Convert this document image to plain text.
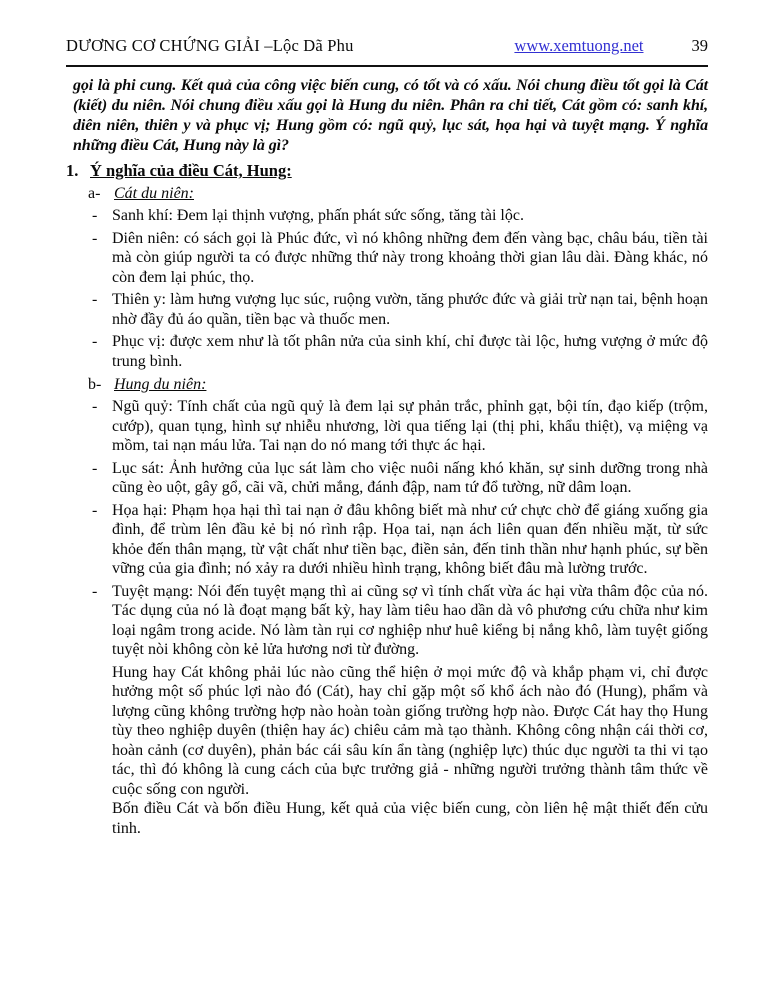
DƯƠNG CƠ CHỨNG GIẢI –Lộc Dã Phu	www.xemtuong.net	39

gọi là phi cung. Kết quả của công việc biến cung, có tốt và có xấu. Nói chung điều tốt gọi là Cát (kiết) du niên. Nói chung điều xấu gọi là Hung du niên. Phân ra chi tiết, Cát gồm có: sanh khí, diên niên, thiên y và phục vị; Hung gồm có: ngũ quỷ, lục sát, họa hại và tuyệt mạng. Ý nghĩa những điều Cát, Hung này là gì?

1. Ý nghĩa của điều Cát, Hung:
a- Cát du niên:
- Sanh khí: Đem lại thịnh vượng, phấn phát sức sống, tăng tài lộc.
- Diên niên: có sách gọi là Phúc đức, vì nó không những đem đến vàng bạc, châu báu, tiền tài mà còn giúp người ta có được những thứ này trong khoảng thời gian lâu dài. Đàng khác, nó còn đem lại phúc, thọ.
- Thiên y: làm hưng vượng lục súc, ruộng vườn, tăng phước đức và giải trừ nạn tai, bệnh hoạn nhờ đầy đủ áo quần, tiền bạc và thuốc men.
- Phục vị: được xem như là tốt phân nửa của sinh khí, chỉ được tài lộc, hưng vượng ở mức độ trung bình.
b- Hung du niên:
- Ngũ quỷ: Tính chất của ngũ quỷ là đem lại sự phản trắc, phỉnh gạt, bội tín, đạo kiếp (trộm, cướp), quan tụng, hình sự nhiễu nhương, lời qua tiếng lại (thị phi, khẩu thiệt), vạ miệng vạ mồm, tai nạn máu lửa. Tai nạn do nó mang tới thực ác hại.
- Lục sát: Ảnh hưởng của lục sát làm cho việc nuôi nấng khó khăn, sự sinh dưỡng trong nhà cũng èo uột, gây gổ, cãi vã, chửi mắng, đánh đập, nam tứ đổ tường, nữ dâm loạn.
- Họa hại: Phạm họa hại thì tai nạn ở đâu không biết mà như cứ chực chờ để giáng xuống gia đình, để trùm lên đầu kẻ bị nó rình rập. Họa tai, nạn ách liên quan đến nhiều mặt, từ sức khỏe đến thân mạng, từ vật chất như tiền bạc, điền sản, đến tinh thần như hạnh phúc, sự bền vững của gia đình; nó xảy ra dưới nhiều hình trạng, không biết đâu mà lường trước.
- Tuyệt mạng: Nói đến tuyệt mạng thì ai cũng sợ vì tính chất vừa ác hại vừa thâm độc của nó. Tác dụng của nó là đoạt mạng bất kỳ, hay làm tiêu hao dần dà vô phương cứu chữa như kim loại ngâm trong acide. Nó làm tàn rụi cơ nghiệp như huê kiểng bị nắng khô, làm tuyệt giống tuyệt nòi không còn kẻ lửa hương nơi từ đường.

Hung hay Cát không phải lúc nào cũng thể hiện ở mọi mức độ và khắp phạm vi, chỉ được hưởng một số phúc lợi nào đó (Cát), hay chỉ gặp một số khổ ách nào đó (Hung), phẩm và lượng cũng không trường hợp nào hoàn toàn giống trường hợp nào. Được Cát hay thọ Hung tùy theo nghiệp duyên (thiện hay ác) chiêu cảm mà tạo thành. Không công nhận cái thời cơ, hoàn cảnh (cơ duyên), phản bác cái sâu kín ẩn tàng (nghiệp lực) thúc dục người ta thi vi tạo tác, thì đó không là cung cách của bực trưởng giả - những người trưởng thành tâm thức về cuộc sống con người.

Bốn điều Cát và bốn điều Hung, kết quả của việc biến cung, còn liên hệ mật thiết đến cửu tinh.
